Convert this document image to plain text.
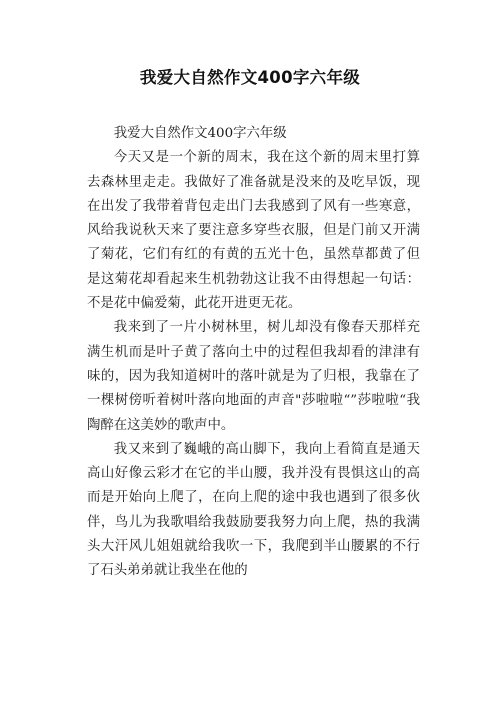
我爱大自然作文400字六年级

我爱大自然作文400字六年级

今天又是一个新的周末，我在这个新的周末里打算去森林里走走。我做好了准备就是没来的及吃早饭，现在出发了我带着背包走出门去我感到了风有一些寒意，风给我说秋天来了要注意多穿些衣服，但是门前又开满了菊花，它们有红的有黄的五光十色，虽然草都黄了但是这菊花却看起来生机勃勃这让我不由得想起一句话：不是花中偏爱菊，此花开进更无花。

我来到了一片小树林里，树儿却没有像春天那样充满生机而是叶子黄了落向土中的过程但我却看的津津有味的，因为我知道树叶的落叶就是为了归根，我靠在了一棵树傍听着树叶落向地面的声音"莎啦啦“”莎啦啦“我陶醉在这美妙的歌声中。

我又来到了巍峨的高山脚下，我向上看简直是通天高山好像云彩才在它的半山腰，我并没有畏惧这山的高而是开始向上爬了，在向上爬的途中我也遇到了很多伙伴，鸟儿为我歌唱给我鼓励要我努力向上爬，热的我满头大汗风儿姐姐就给我吹一下，我爬到半山腰累的不行了石头弟弟就让我坐在他的
